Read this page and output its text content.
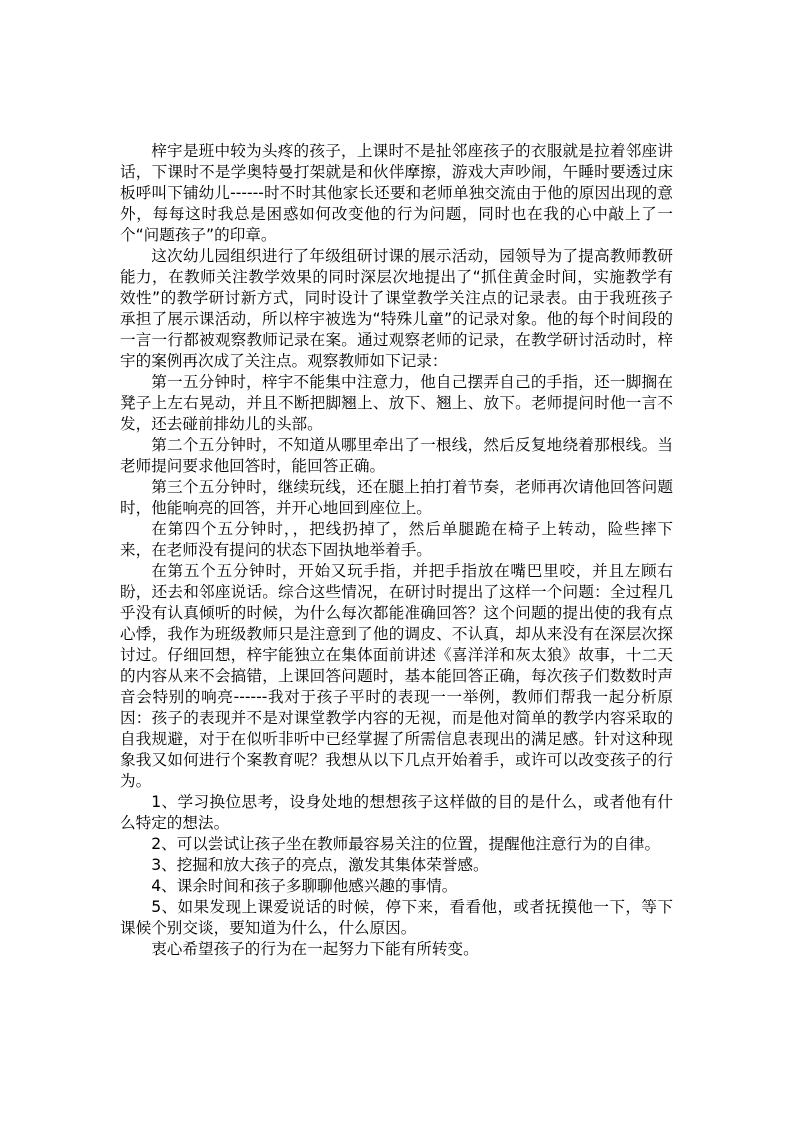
梓宇是班中较为头疼的孩子，上课时不是扯邻座孩子的衣服就是拉着邻座讲话，下课时不是学奥特曼打架就是和伙伴摩擦，游戏大声吵闹，午睡时要透过床板呼叫下铺幼儿------时不时其他家长还要和老师单独交流由于他的原因出现的意外，每每这时我总是困惑如何改变他的行为问题，同时也在我的心中敲上了一个“问题孩子”的印章。

这次幼儿园组织进行了年级组研讨课的展示活动，园领导为了提高教师教研能力，在教师关注教学效果的同时深层次地提出了“抓住黄金时间，实施教学有效性”的教学研讨新方式，同时设计了课堂教学关注点的记录表。由于我班孩子承担了展示课活动，所以梓宇被选为“特殊儿童”的记录对象。他的每个时间段的一言一行都被观察教师记录在案。通过观察老师的记录，在教学研讨活动时，梓宇的案例再次成了关注点。观察教师如下记录：

第一五分钟时，梓宇不能集中注意力，他自己摆弄自己的手指，还一脚搁在凳子上左右晃动，并且不断把脚翘上、放下、翘上、放下。老师提问时他一言不发，还去碰前排幼儿的头部。

第二个五分钟时，不知道从哪里牵出了一根线，然后反复地绕着那根线。当老师提问要求他回答时，能回答正确。

第三个五分钟时，继续玩线，还在腿上拍打着节奏，老师再次请他回答问题时，他能响亮的回答，并开心地回到座位上。

在第四个五分钟时，，把线扔掉了，然后单腿跪在椅子上转动，险些摔下来，在老师没有提问的状态下固执地举着手。

在第五个五分钟时，开始又玩手指，并把手指放在嘴巴里咬，并且左顾右盼，还去和邻座说话。综合这些情况，在研讨时提出了这样一个问题：全过程几乎没有认真倾听的时候，为什么每次都能准确回答？这个问题的提出使的我有点心悸，我作为班级教师只是注意到了他的调皮、不认真，却从来没有在深层次探讨过。仔细回想，梓宇能独立在集体面前讲述《喜洋洋和灰太狼》故事，十二天的内容从来不会搞错，上课回答问题时，基本能回答正确，每次孩子们数数时声音会特别的响亮------我对于孩子平时的表现一一举例，教师们帮我一起分析原因：孩子的表现并不是对课堂教学内容的无视，而是他对简单的教学内容采取的自我规避，对于在似听非听中已经掌握了所需信息表现出的满足感。针对这种现象我又如何进行个案教育呢？我想从以下几点开始着手，或许可以改变孩子的行为。

1、学习换位思考，设身处地的想想孩子这样做的目的是什么，或者他有什么特定的想法。

2、可以尝试让孩子坐在教师最容易关注的位置，提醒他注意行为的自律。

3、挖掘和放大孩子的亮点，激发其集体荣誉感。

4、课余时间和孩子多聊聊他感兴趣的事情。

5、如果发现上课爱说话的时候，停下来，看看他，或者抚摸他一下，等下课候个别交谈，要知道为什么，什么原因。

衷心希望孩子的行为在一起努力下能有所转变。
